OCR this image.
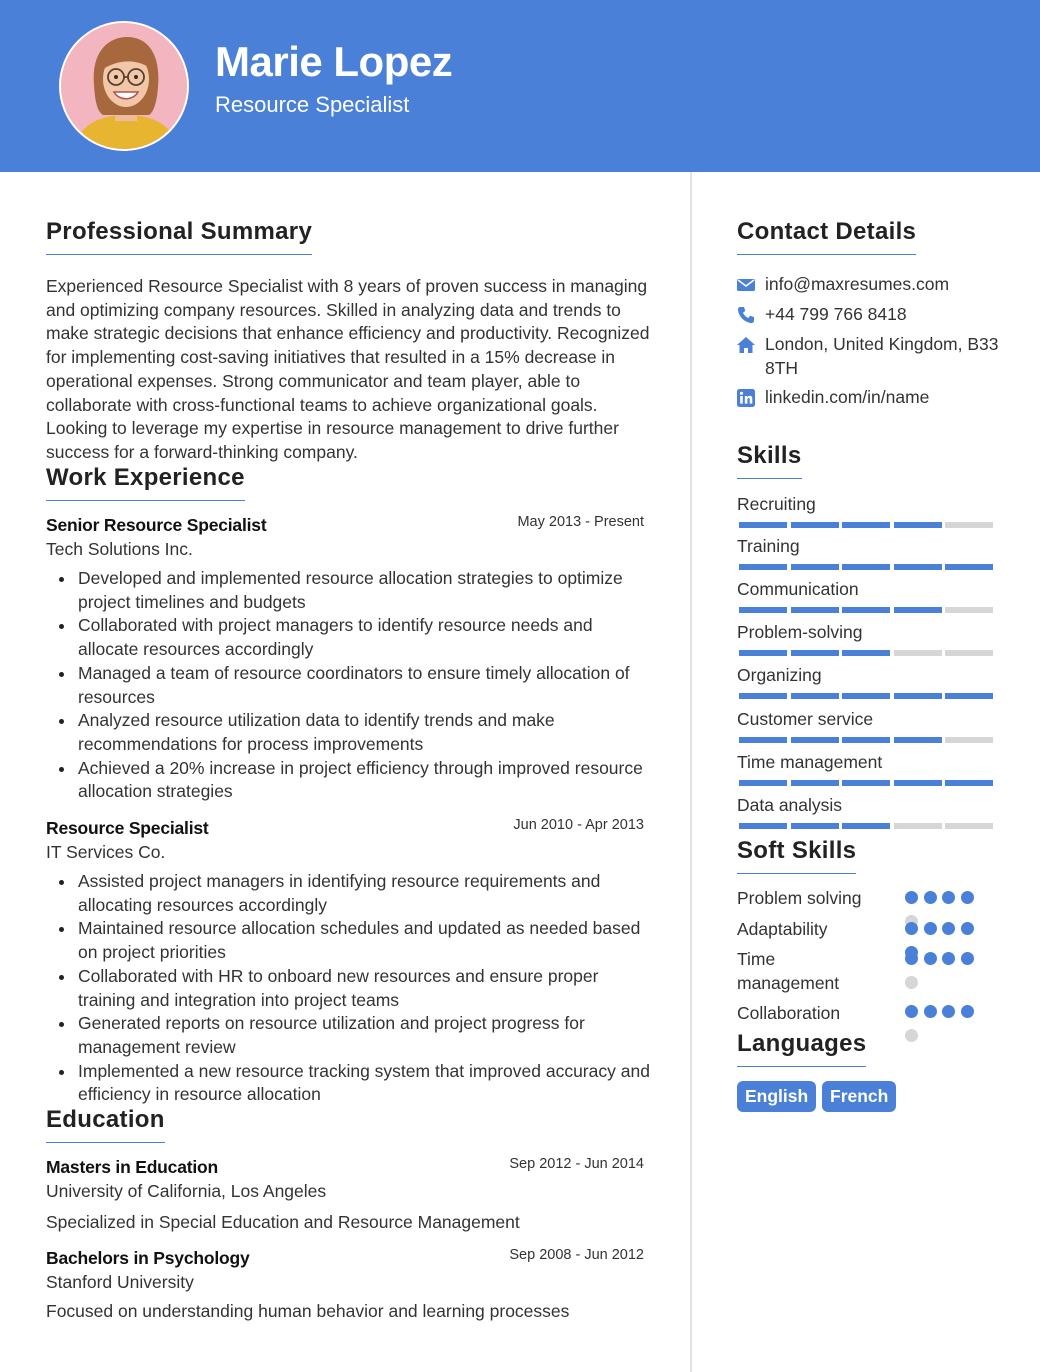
Marie Lopez
Resource Specialist
Professional Summary
Experienced Resource Specialist with 8 years of proven success in managing and optimizing company resources. Skilled in analyzing data and trends to make strategic decisions that enhance efficiency and productivity. Recognized for implementing cost-saving initiatives that resulted in a 15% decrease in operational expenses. Strong communicator and team player, able to collaborate with cross-functional teams to achieve organizational goals. Looking to leverage my expertise in resource management to drive further success for a forward-thinking company.
Work Experience
Senior Resource Specialist	May 2013 - Present
Tech Solutions Inc.
Developed and implemented resource allocation strategies to optimize project timelines and budgets
Collaborated with project managers to identify resource needs and allocate resources accordingly
Managed a team of resource coordinators to ensure timely allocation of resources
Analyzed resource utilization data to identify trends and make recommendations for process improvements
Achieved a 20% increase in project efficiency through improved resource allocation strategies
Resource Specialist	Jun 2010 - Apr 2013
IT Services Co.
Assisted project managers in identifying resource requirements and allocating resources accordingly
Maintained resource allocation schedules and updated as needed based on project priorities
Collaborated with HR to onboard new resources and ensure proper training and integration into project teams
Generated reports on resource utilization and project progress for management review
Implemented a new resource tracking system that improved accuracy and efficiency in resource allocation
Education
Masters in Education	Sep 2012 - Jun 2014
University of California, Los Angeles
Specialized in Special Education and Resource Management
Bachelors in Psychology	Sep 2008 - Jun 2012
Stanford University
Focused on understanding human behavior and learning processes
Contact Details
info@maxresumes.com
+44 799 766 8418
London, United Kingdom, B33 8TH
linkedin.com/in/name
Skills
Recruiting
Training
Communication
Problem-solving
Organizing
Customer service
Time management
Data analysis
Soft Skills
Problem solving
Adaptability
Time management
Collaboration
Languages
English	French
